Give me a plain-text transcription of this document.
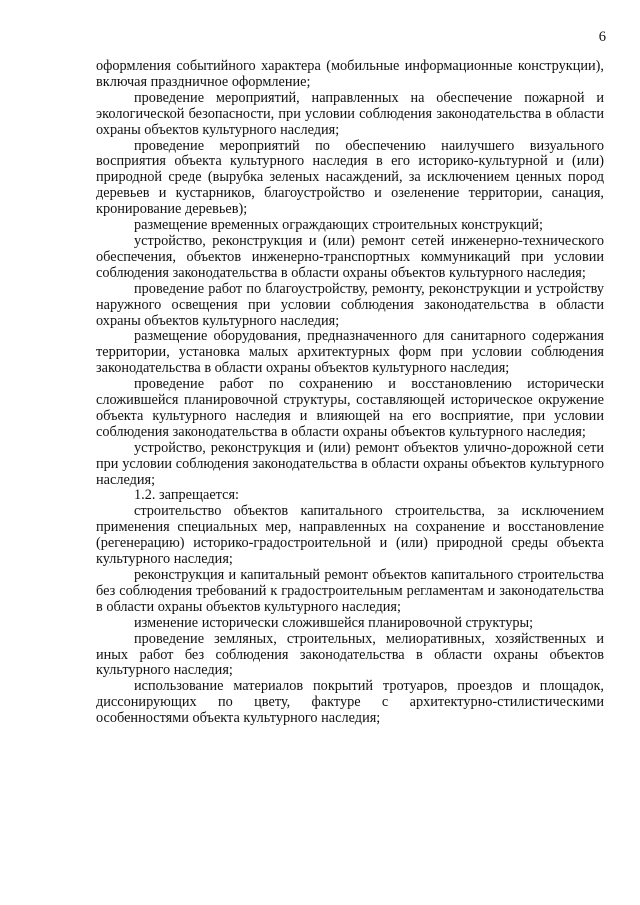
6

оформления событийного характера (мобильные информационные конструкции), включая праздничное оформление;

проведение мероприятий, направленных на обеспечение пожарной и экологической безопасности, при условии соблюдения законодательства в области охраны объектов культурного наследия;

проведение мероприятий по обеспечению наилучшего визуального восприятия объекта культурного наследия в его историко-культурной и (или) природной среде (вырубка зеленых насаждений, за исключением ценных пород деревьев и кустарников, благоустройство и озеленение территории, санация, кронирование деревьев);

размещение временных ограждающих строительных конструкций;

устройство, реконструкция и (или) ремонт сетей инженерно-технического обеспечения, объектов инженерно-транспортных коммуникаций при условии соблюдения законодательства в области охраны объектов культурного наследия;

проведение работ по благоустройству, ремонту, реконструкции и устройству наружного освещения при условии соблюдения законодательства в области охраны объектов культурного наследия;

размещение оборудования, предназначенного для санитарного содержания территории, установка малых архитектурных форм при условии соблюдения законодательства в области охраны объектов культурного наследия;

проведение работ по сохранению и восстановлению исторически сложившейся планировочной структуры, составляющей историческое окружение объекта культурного наследия и влияющей на его восприятие, при условии соблюдения законодательства в области охраны объектов культурного наследия;

устройство, реконструкция и (или) ремонт объектов улично-дорожной сети при условии соблюдения законодательства в области охраны объектов культурного наследия;

1.2. запрещается:

строительство объектов капитального строительства, за исключением применения специальных мер, направленных на сохранение и восстановление (регенерацию) историко-градостроительной и (или) природной среды объекта культурного наследия;

реконструкция и капитальный ремонт объектов капитального строительства без соблюдения требований к градостроительным регламентам и законодательства в области охраны объектов культурного наследия;

изменение исторически сложившейся планировочной структуры;

проведение земляных, строительных, мелиоративных, хозяйственных и иных работ без соблюдения законодательства в области охраны объектов культурного наследия;

использование материалов покрытий тротуаров, проездов и площадок, диссонирующих по цвету, фактуре с архитектурно-стилистическими особенностями объекта культурного наследия;
